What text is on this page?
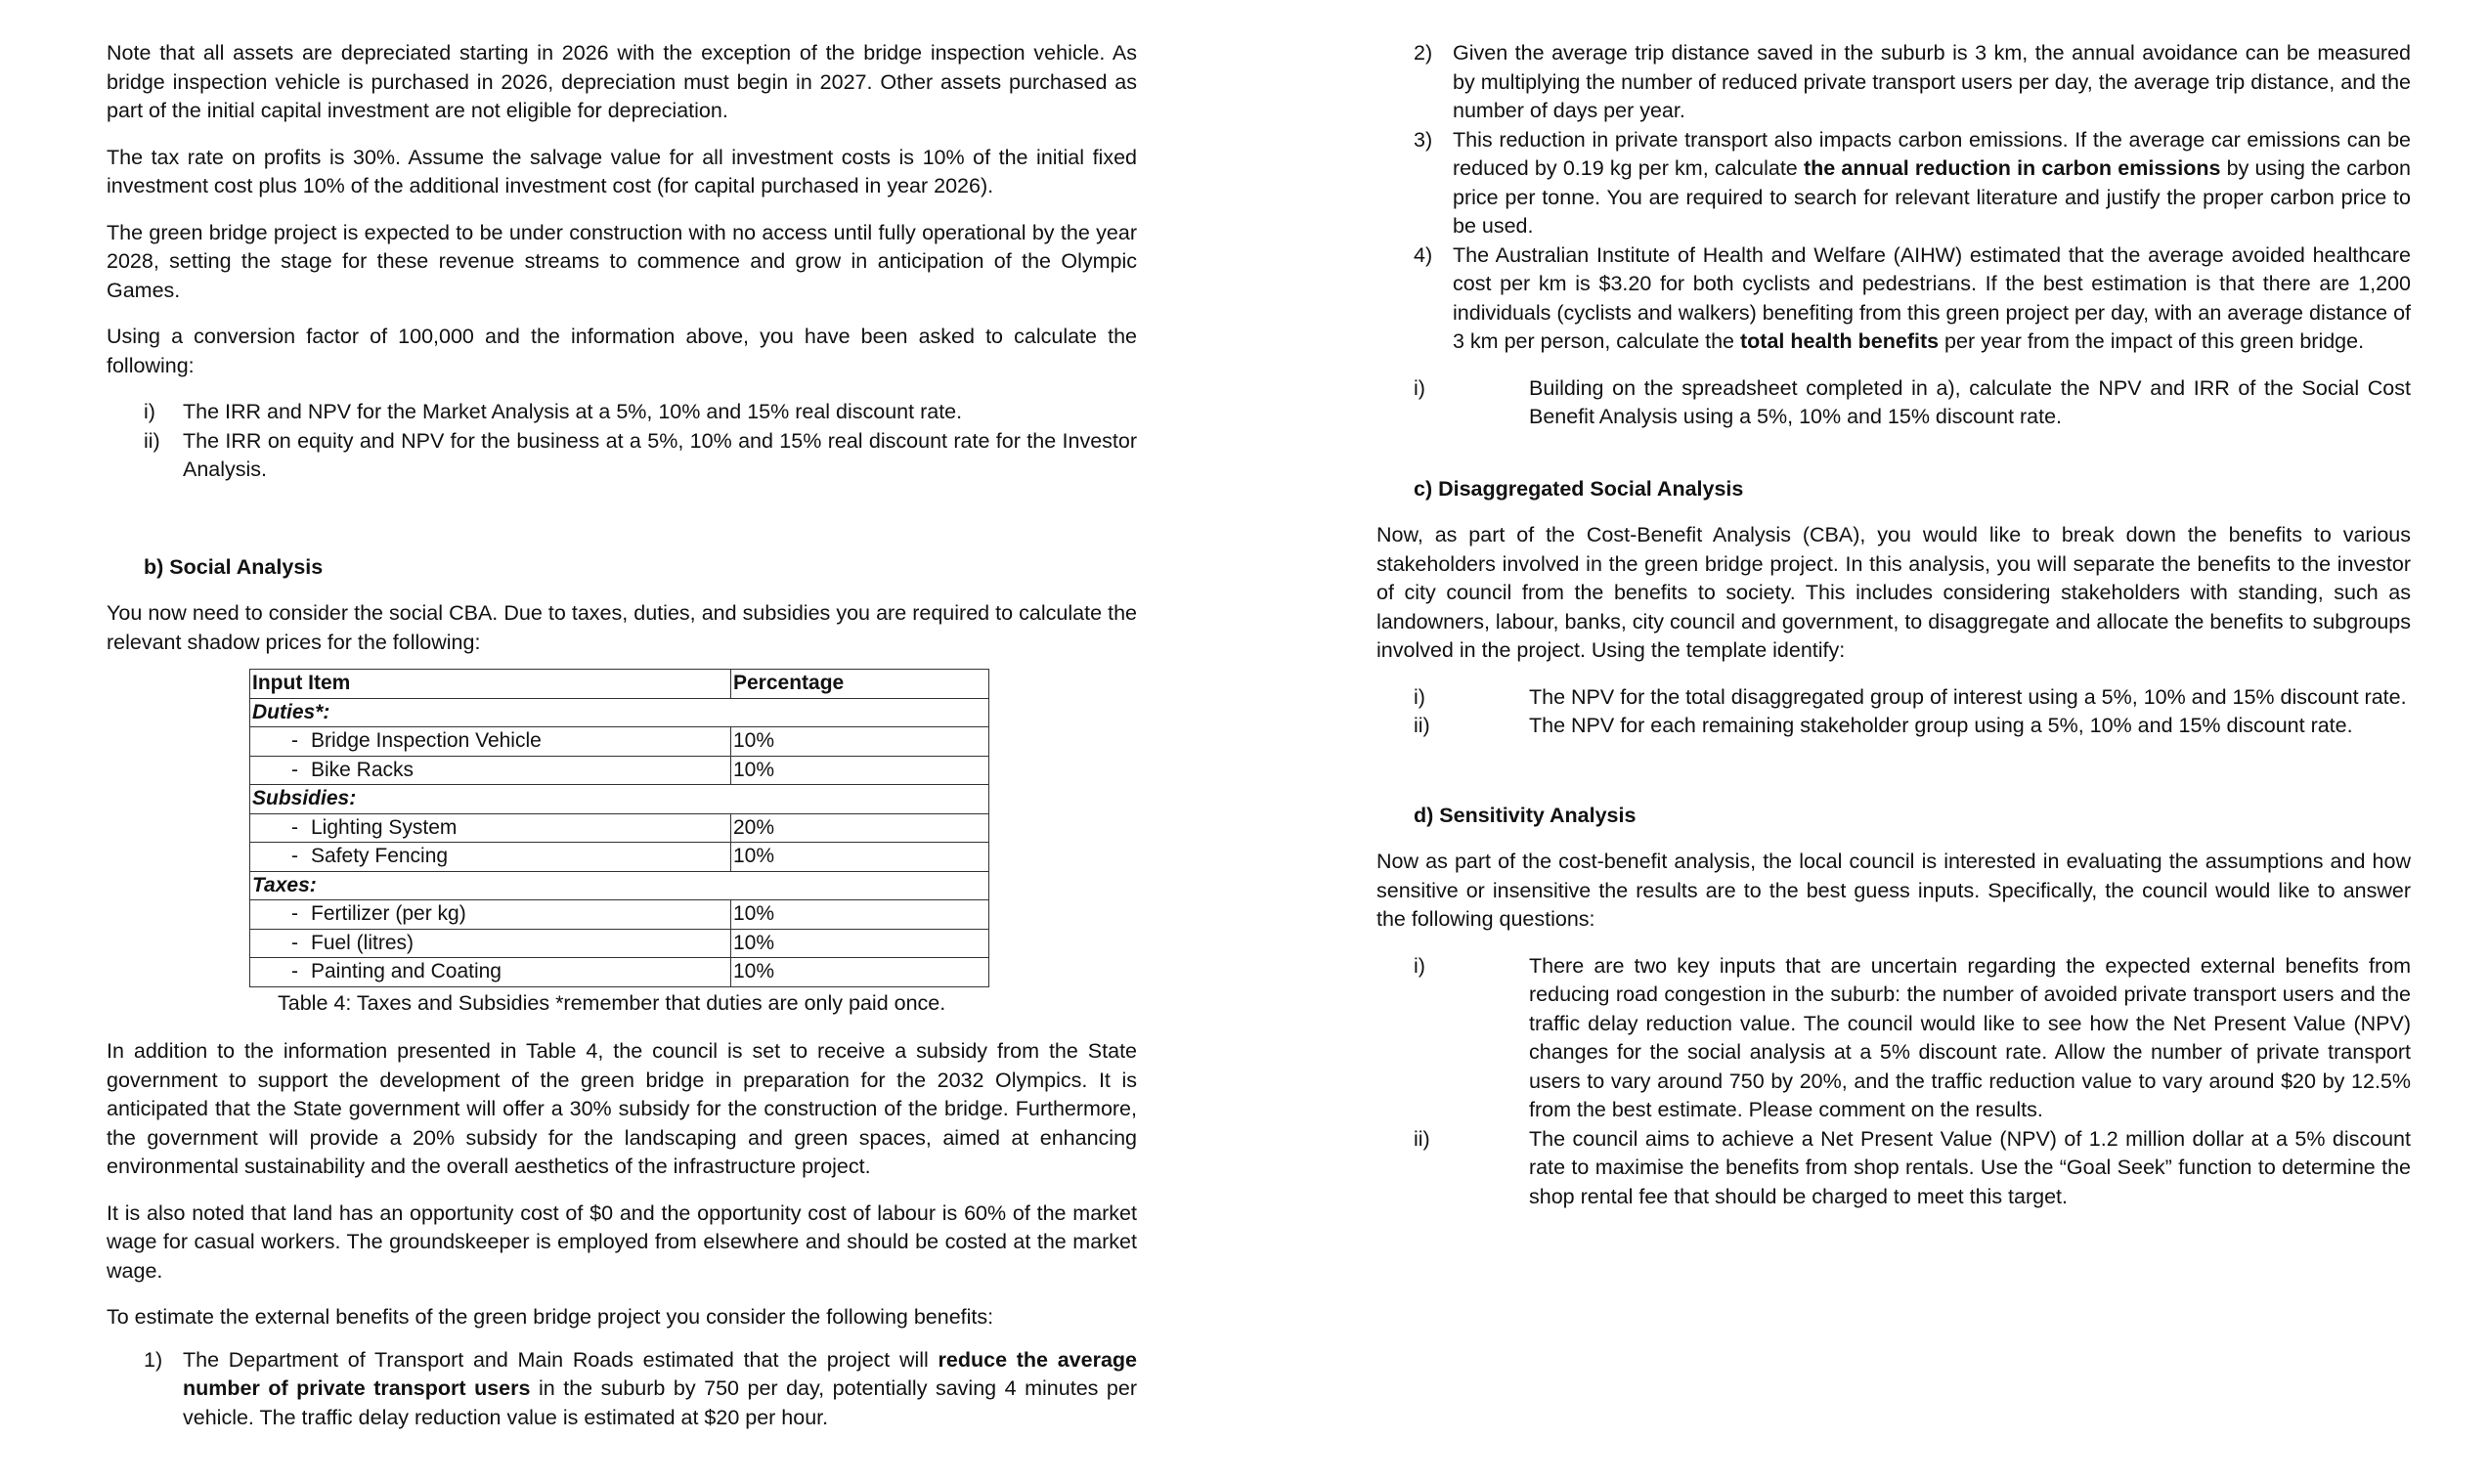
Note that all assets are depreciated starting in 2026 with the exception of the bridge inspection vehicle. As bridge inspection vehicle is purchased in 2026, depreciation must begin in 2027. Other assets purchased as part of the initial capital investment are not eligible for depreciation.

The tax rate on profits is 30%. Assume the salvage value for all investment costs is 10% of the initial fixed investment cost plus 10% of the additional investment cost (for capital purchased in year 2026).

The green bridge project is expected to be under construction with no access until fully operational by the year 2028, setting the stage for these revenue streams to commence and grow in anticipation of the Olympic Games.

Using a conversion factor of 100,000 and the information above, you have been asked to calculate the following:

i) The IRR and NPV for the Market Analysis at a 5%, 10% and 15% real discount rate.

ii) The IRR on equity and NPV for the business at a 5%, 10% and 15% real discount rate for the Investor Analysis.

b) Social Analysis

You now need to consider the social CBA. Due to taxes, duties, and subsidies you are required to calculate the relevant shadow prices for the following:

Input Item	Percentage
Duties*:	
- Bridge Inspection Vehicle	10%
- Bike Racks	10%
Subsidies:	
- Lighting System	20%
- Safety Fencing	10%
Taxes:	
- Fertilizer (per kg)	10%
- Fuel (litres)	10%
- Painting and Coating	10%
Table 4: Taxes and Subsidies *remember that duties are only paid once.

In addition to the information presented in Table 4, the council is set to receive a subsidy from the State government to support the development of the green bridge in preparation for the 2032 Olympics. It is anticipated that the State government will offer a 30% subsidy for the construction of the bridge. Furthermore, the government will provide a 20% subsidy for the landscaping and green spaces, aimed at enhancing environmental sustainability and the overall aesthetics of the infrastructure project.

It is also noted that land has an opportunity cost of $0 and the opportunity cost of labour is 60% of the market wage for casual workers. The groundskeeper is employed from elsewhere and should be costed at the market wage.

To estimate the external benefits of the green bridge project you consider the following benefits:

1) The Department of Transport and Main Roads estimated that the project will reduce the average number of private transport users in the suburb by 750 per day, potentially saving 4 minutes per vehicle. The traffic delay reduction value is estimated at $20 per hour.

2) Given the average trip distance saved in the suburb is 3 km, the annual avoidance can be measured by multiplying the number of reduced private transport users per day, the average trip distance, and the number of days per year.

3) This reduction in private transport also impacts carbon emissions. If the average car emissions can be reduced by 0.19 kg per km, calculate the annual reduction in carbon emissions by using the carbon price per tonne. You are required to search for relevant literature and justify the proper carbon price to be used.

4) The Australian Institute of Health and Welfare (AIHW) estimated that the average avoided healthcare cost per km is $3.20 for both cyclists and pedestrians. If the best estimation is that there are 1,200 individuals (cyclists and walkers) benefiting from this green project per day, with an average distance of 3 km per person, calculate the total health benefits per year from the impact of this green bridge.

i)	Building on the spreadsheet completed in a), calculate the NPV and IRR of the Social Cost Benefit Analysis using a 5%, 10% and 15% discount rate.

c) Disaggregated Social Analysis

Now, as part of the Cost-Benefit Analysis (CBA), you would like to break down the benefits to various stakeholders involved in the green bridge project. In this analysis, you will separate the benefits to the investor of city council from the benefits to society. This includes considering stakeholders with standing, such as landowners, labour, banks, city council and government, to disaggregate and allocate the benefits to subgroups involved in the project. Using the template identify:

i)	The NPV for the total disaggregated group of interest using a 5%, 10% and 15% discount rate.

ii)	The NPV for each remaining stakeholder group using a 5%, 10% and 15% discount rate.

d) Sensitivity Analysis

Now as part of the cost-benefit analysis, the local council is interested in evaluating the assumptions and how sensitive or insensitive the results are to the best guess inputs. Specifically, the council would like to answer the following questions:

i)	There are two key inputs that are uncertain regarding the expected external benefits from reducing road congestion in the suburb: the number of avoided private transport users and the traffic delay reduction value. The council would like to see how the Net Present Value (NPV) changes for the social analysis at a 5% discount rate. Allow the number of private transport users to vary around 750 by 20%, and the traffic reduction value to vary around $20 by 12.5% from the best estimate. Please comment on the results.

ii)	The council aims to achieve a Net Present Value (NPV) of 1.2 million dollar at a 5% discount rate to maximise the benefits from shop rentals. Use the “Goal Seek” function to determine the shop rental fee that should be charged to meet this target.
